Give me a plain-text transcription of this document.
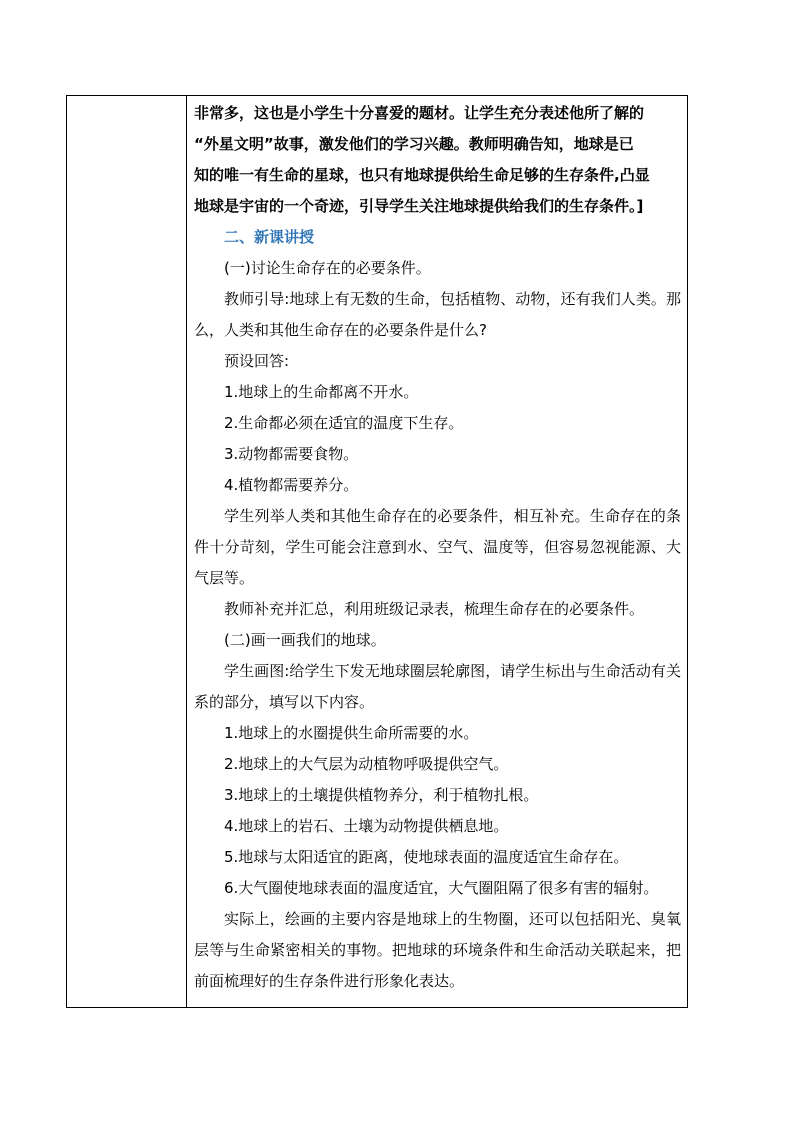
非常多，这也是小学生十分喜爱的题材。让学生充分表述他所了解的

“外星文明”故事，激发他们的学习兴趣。教师明确告知，地球是已

知的唯一有生命的星球，也只有地球提供给生命足够的生存条件,凸显

地球是宇宙的一个奇迹，引导学生关注地球提供给我们的生存条件。]

二、新课讲授

(一)讨论生命存在的必要条件。

教师引导:地球上有无数的生命，包括植物、动物，还有我们人类。那么，人类和其他生命存在的必要条件是什么?

预设回答:

1.地球上的生命都离不开水。

2.生命都必须在适宜的温度下生存。

3.动物都需要食物。

4.植物都需要养分。

学生列举人类和其他生命存在的必要条件，相互补充。生命存在的条件十分苛刻，学生可能会注意到水、空气、温度等，但容易忽视能源、大气层等。

教师补充并汇总，利用班级记录表，梳理生命存在的必要条件。

(二)画一画我们的地球。

学生画图:给学生下发无地球圈层轮廓图，请学生标出与生命活动有关系的部分，填写以下内容。

1.地球上的水圈提供生命所需要的水。

2.地球上的大气层为动植物呼吸提供空气。

3.地球上的土壤提供植物养分，利于植物扎根。

4.地球上的岩石、土壤为动物提供栖息地。

5.地球与太阳适宜的距离，使地球表面的温度适宜生命存在。

6.大气圈使地球表面的温度适宜，大气圈阻隔了很多有害的辐射。

实际上，绘画的主要内容是地球上的生物圈，还可以包括阳光、臭氧层等与生命紧密相关的事物。把地球的环境条件和生命活动关联起来，把前面梳理好的生存条件进行形象化表达。
